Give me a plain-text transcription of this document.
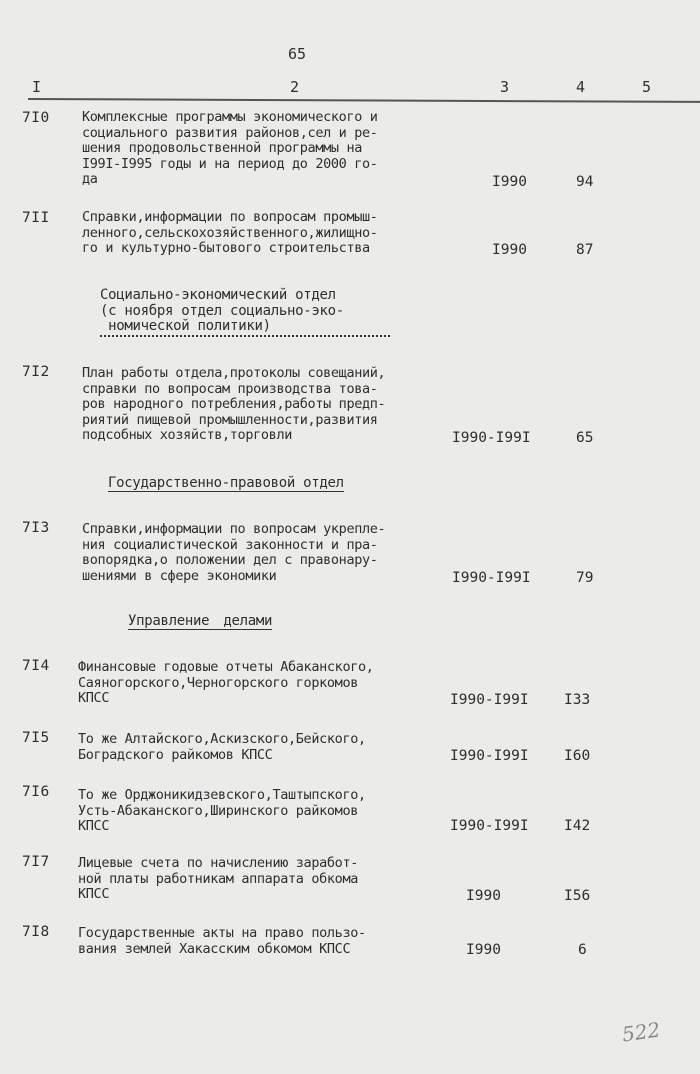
65
I	2	3	4	5
7I0 Комплексные программы экономического и
социального развития районов,сел и ре-
шения продовольственной программы на
I99I-I995 годы и на период до 2000 го-
да	I990	94
7II Справки,информации по вопросам промыш-
ленного,сельскохозяйственного,жилищно-
го и культурно-бытового строительства	I990	87
Социально-экономический отдел
(с ноября отдел социально-эко-
номической политики)
7I2 План работы отдела,протоколы совещаний,
справки по вопросам производства това-
ров народного потребления,работы предп-
риятий пищевой промышленности,развития
подсобных хозяйств,торговли	I990-I99I	65
Государственно-правовой отдел
7I3 Справки,информации по вопросам укрепле-
ния социалистической законности и пра-
вопорядка,о положении дел с правонару-
шениями в сфере экономики	I990-I99I	79
Управление делами
7I4 Финансовые годовые отчеты Абаканского,
Саяногорского,Черногорского горкомов
КПСС	I990-I99I I33
7I5 То же Алтайского,Аскизского,Бейского,
Боградского райкомов КПСС	I990-I99I I60
7I6 То же Орджоникидзевского,Таштыпского,
Усть-Абаканского,Ширинского райкомов
КПСС	I990-I99I I42
7I7 Лицевые счета по начислению заработ-
ной платы работникам аппарата обкома
КПСС	I990	I56
7I8 Государственные акты на право пользо-
вания землей Хакасским обкомом КПСС	I990	6
522
